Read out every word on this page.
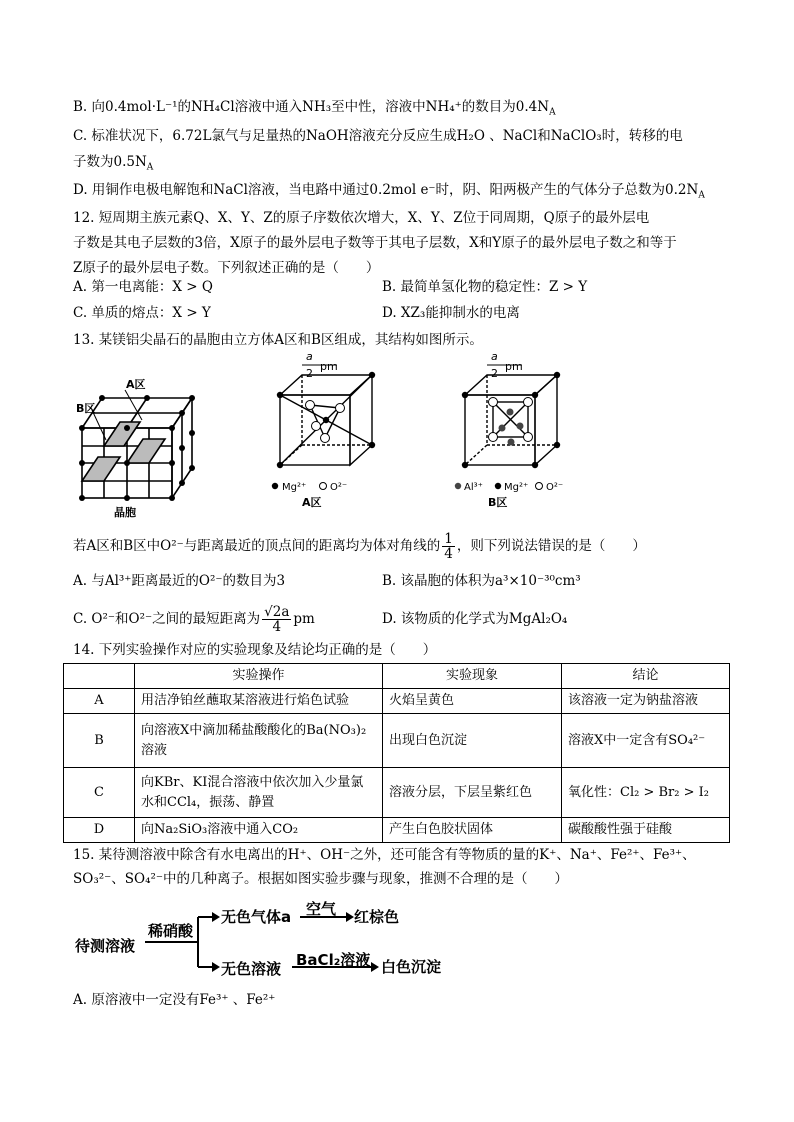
B. 向0.4mol·L⁻¹的NH₄Cl溶液中通入NH₃至中性，溶液中NH₄⁺的数目为$0.4N_A$
C. 标准状况下，6.72L氯气与足量热的NaOH溶液充分反应生成H₂O 、NaCl和NaClO₃时，转移的电
子数为$0.5N_A$
D. 用铜作电极电解饱和NaCl溶液，当电路中通过0.2mol e⁻时，阴、阳两极产生的气体分子总数为$0.2N_A$
12. 短周期主族元素Q、X、Y、Z的原子序数依次增大，X、Y、Z位于同周期，Q原子的最外层电
子数是其电子层数的3倍，X原子的最外层电子数等于其电子层数，X和Y原子的最外层电子数之和等于
Z原子的最外层电子数。下列叙述正确的是（　　）
A. 第一电离能：X > Q	B. 最简单氢化物的稳定性：Z > Y
C. 单质的熔点：X > Y	D. XZ₃能抑制水的电离
13. 某镁铝尖晶石的晶胞由立方体A区和B区组成，其结构如图所示。
A区
B区
晶胞
a
2
pm
Mg²⁺ O²⁻
A区
a
2
pm
Al³⁺ Mg²⁺ O²⁻
B区
若A区和B区中O²⁻与距离最近的顶点间的距离均为体对角线的 $\frac{1}{4}$ ，则下列说法错误的是（　　）
A. 与Al³⁺距离最近的O²⁻的数目为3	B. 该晶胞的体积为a³×10⁻³⁰cm³
C. O²⁻和O²⁻之间的最短距离为 $\frac{√2a}{4}$ pm	D. 该物质的化学式为MgAl₂O₄
14. 下列实验操作对应的实验现象及结论均正确的是（　　）
	实验操作	实验现象	结论
A	用洁净铂丝蘸取某溶液进行焰色试验	火焰呈黄色	该溶液一定为钠盐溶液
B	向溶液X中滴加稀盐酸酸化的Ba(NO₃)₂溶液	出现白色沉淀	溶液X中一定含有SO₄²⁻
C	向KBr、KI混合溶液中依次加入少量氯水和CCl₄，振荡、静置	溶液分层，下层呈紫红色	氧化性：Cl₂ > Br₂ > I₂
D	向Na₂SiO₃溶液中通入CO₂	产生白色胶状固体	碳酸酸性强于硅酸
15. 某待测溶液中除含有水电离出的H⁺、OH⁻之外，还可能含有等物质的量的K⁺、Na⁺、Fe²⁺、Fe³⁺、
SO₃²⁻、SO₄²⁻中的几种离子。根据如图实验步骤与现象，推测不合理的是（　　）
待测溶液
稀硝酸
无色气体a 空气 红棕色
无色溶液 BaCl₂溶液 白色沉淀
A. 原溶液中一定没有Fe³⁺ 、Fe²⁺
